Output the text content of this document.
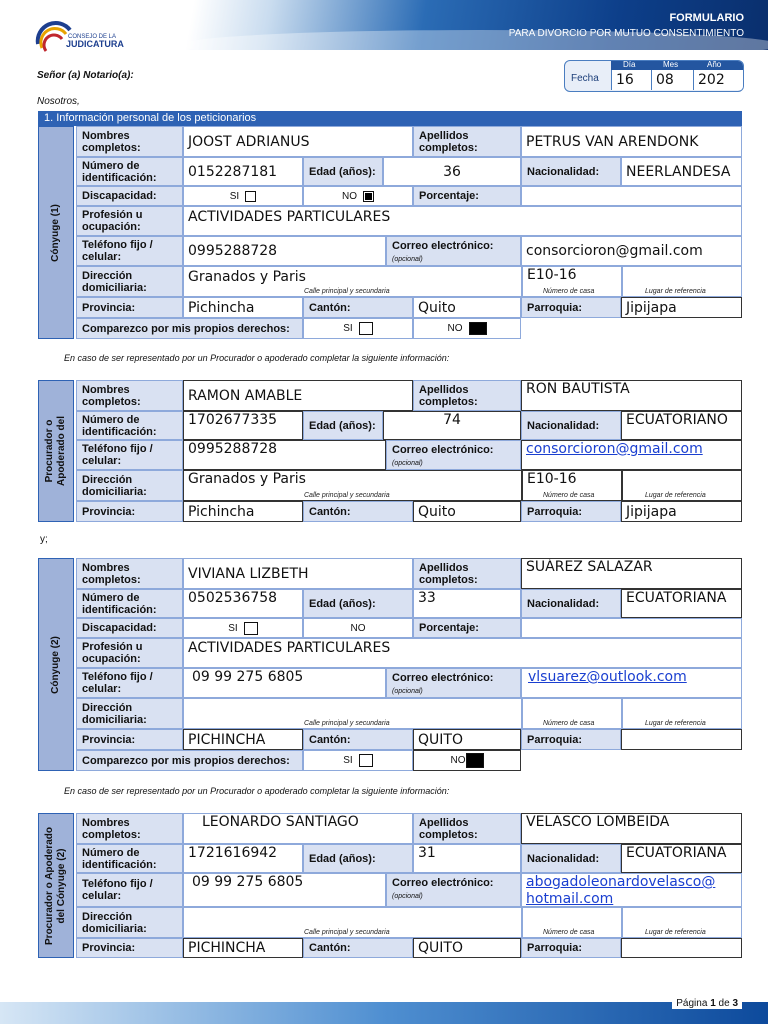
CONSEJO DE LA
JUDICATURA
FORMULARIO
PARA DIVORCIO POR MUTUO CONSENTIMIENTO
Fecha
Día	Mes	Año
16	08	202
Señor (a) Notario(a):
Nosotros,
1. Información personal de los peticionarios
Cónyuge (1)
Nombres completos:	JOOST ADRIANUS	Apellidos completos:	PETRUS VAN ARENDONK
Número de identificación:	0152287181	Edad (años):	36	Nacionalidad:	NEERLANDESA
Discapacidad:	SI	NO	Porcentaje:
Profesión u ocupación:
ACTIVIDADES PARTICULARES
Teléfono fijo / celular:	0995288728	Correo electrónico:
(opcional)
consorcioron@gmail.com
Dirección domiciliaria:
Granados y Paris
Calle principal y secundaria
E10-16
Número de casa	Lugar de referencia
Provincia:	Pichincha	Cantón:	Quito	Parroquia:	Jipijapa
Comparezco por mis propios derechos:	SI	NO
En caso de ser representado por un Procurador o apoderado completar la siguiente información:
Procurador o
Apoderado del
Nombres completos:	RAMON AMABLE	Apellidos completos:
RON BAUTISTA
Número de identificación:
1702677335	Edad (años):	74	Nacionalidad:	ECUATORIANO
Teléfono fijo / celular:
0995288728	Correo electrónico:
(opcional)
consorcioron@gmail.com
Dirección domiciliaria:
Granados y Paris
Calle principal y secundaria
E10-16
Número de casa	Lugar de referencia
Provincia:	Pichincha	Cantón:	Quito	Parroquia:	Jipijapa
y;
Cónyuge (2)
Nombres completos:	VIVIANA LIZBETH	Apellidos completos:
SUÁREZ SALAZAR
Número de identificación:
0502536758	Edad (años):	33	Nacionalidad:	ECUATORIANA
Discapacidad:	SI	NO	Porcentaje:
Profesión u ocupación:
ACTIVIDADES PARTICULARES
Teléfono fijo / celular:
09 99 275 6805	Correo electrónico:
(opcional)
vlsuarez@outlook.com
Dirección domiciliaria:	Calle principal y secundaria	Número de casa	Lugar de referencia
Provincia:	PICHINCHA	Cantón:	QUITO	Parroquia:
Comparezco por mis propios derechos:	SI	NO
En caso de ser representado por un Procurador o apoderado completar la siguiente información:
Procurador o Apoderado
del Cónyuge (2)
Nombres completos:
LEONARDO SANTIAGO	Apellidos completos:
VELASCO LOMBEIDA
Número de identificación:
1721616942	Edad (años):	31	Nacionalidad:	ECUATORIANA
Teléfono fijo / celular:
09 99 275 6805	Correo electrónico:
(opcional)
abogadoleonardovelasco@
hotmail.com
Dirección domiciliaria:	Calle principal y secundaria	Número de casa	Lugar de referencia
Provincia:	PICHINCHA	Cantón:	QUITO	Parroquia:
Página 1 de 3
